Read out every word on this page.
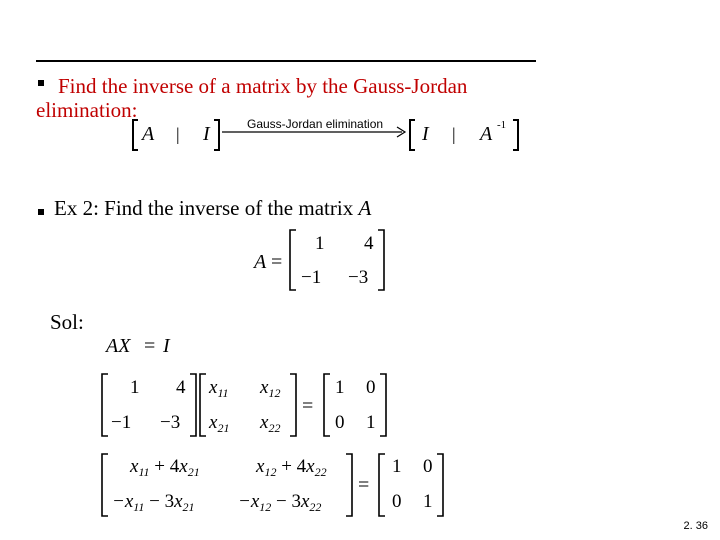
Find the inverse of a matrix by the Gauss-Jordan
elimination:
A | I	Gauss-Jordan elimination I | A -1
A =
1 4
−1 −3
AX = I
1 4
−1 −3
$x_{11}$ $x_{12}$
$x_{21}$ $x_{22}$
=
1 0
0 1
$x_{11} + 4x_{21}$	$x_{12} + 4x_{22}$
$-x_{11} - 3x_{21} -x_{12} - 3x_{22}$
=
1 0
0 1
Ex 2: Find the inverse of the matrix A
Sol:
2. 36
